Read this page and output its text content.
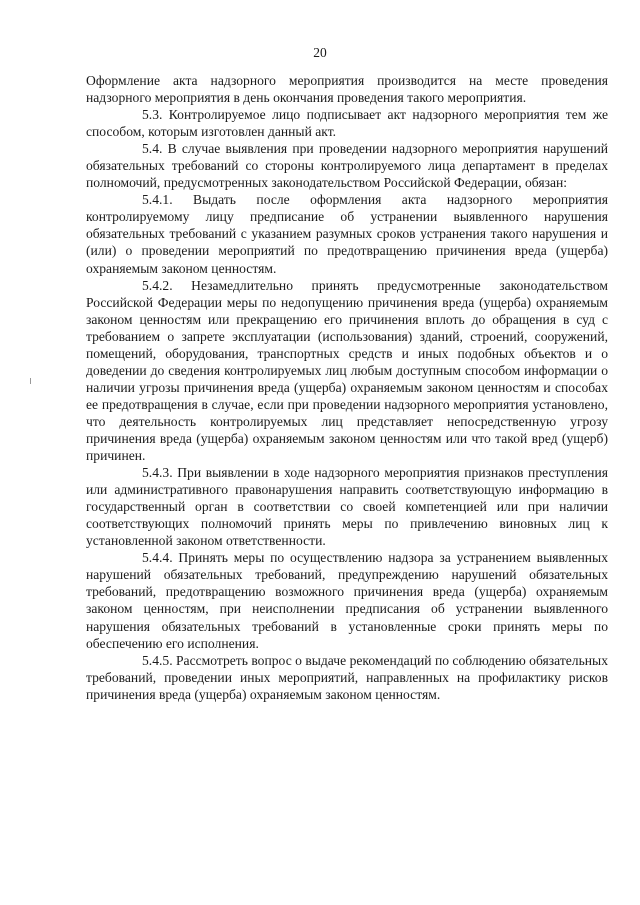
20

Оформление акта надзорного мероприятия производится на месте проведения надзорного мероприятия в день окончания проведения такого мероприятия.

5.3. Контролируемое лицо подписывает акт надзорного мероприятия тем же способом, которым изготовлен данный акт.

5.4. В случае выявления при проведении надзорного мероприятия нарушений обязательных требований со стороны контролируемого лица департамент в пределах полномочий, предусмотренных законодательством Российской Федерации, обязан:

5.4.1. Выдать после оформления акта надзорного мероприятия контролируемому лицу предписание об устранении выявленного нарушения обязательных требований с указанием разумных сроков устранения такого нарушения и (или) о проведении мероприятий по предотвращению причинения вреда (ущерба) охраняемым законом ценностям.

5.4.2. Незамедлительно принять предусмотренные законодательством Российской Федерации меры по недопущению причинения вреда (ущерба) охраняемым законом ценностям или прекращению его причинения вплоть до обращения в суд с требованием о запрете эксплуатации (использования) зданий, строений, сооружений, помещений, оборудования, транспортных средств и иных подобных объектов и о доведении до сведения контролируемых лиц любым доступным способом информации о наличии угрозы причинения вреда (ущерба) охраняемым законом ценностям и способах ее предотвращения в случае, если при проведении надзорного мероприятия установлено, что деятельность контролируемых лиц представляет непосредственную угрозу причинения вреда (ущерба) охраняемым законом ценностям или что такой вред (ущерб) причинен.

5.4.3. При выявлении в ходе надзорного мероприятия признаков преступления или административного правонарушения направить соответствующую информацию в государственный орган в соответствии со своей компетенцией или при наличии соответствующих полномочий принять меры по привлечению виновных лиц к установленной законом ответственности.

5.4.4. Принять меры по осуществлению надзора за устранением выявленных нарушений обязательных требований, предупреждению нарушений обязательных требований, предотвращению возможного причинения вреда (ущерба) охраняемым законом ценностям, при неисполнении предписания об устранении выявленного нарушения обязательных требований в установленные сроки принять меры по обеспечению его исполнения.

5.4.5. Рассмотреть вопрос о выдаче рекомендаций по соблюдению обязательных требований, проведении иных мероприятий, направленных на профилактику рисков причинения вреда (ущерба) охраняемым законом ценностям.
